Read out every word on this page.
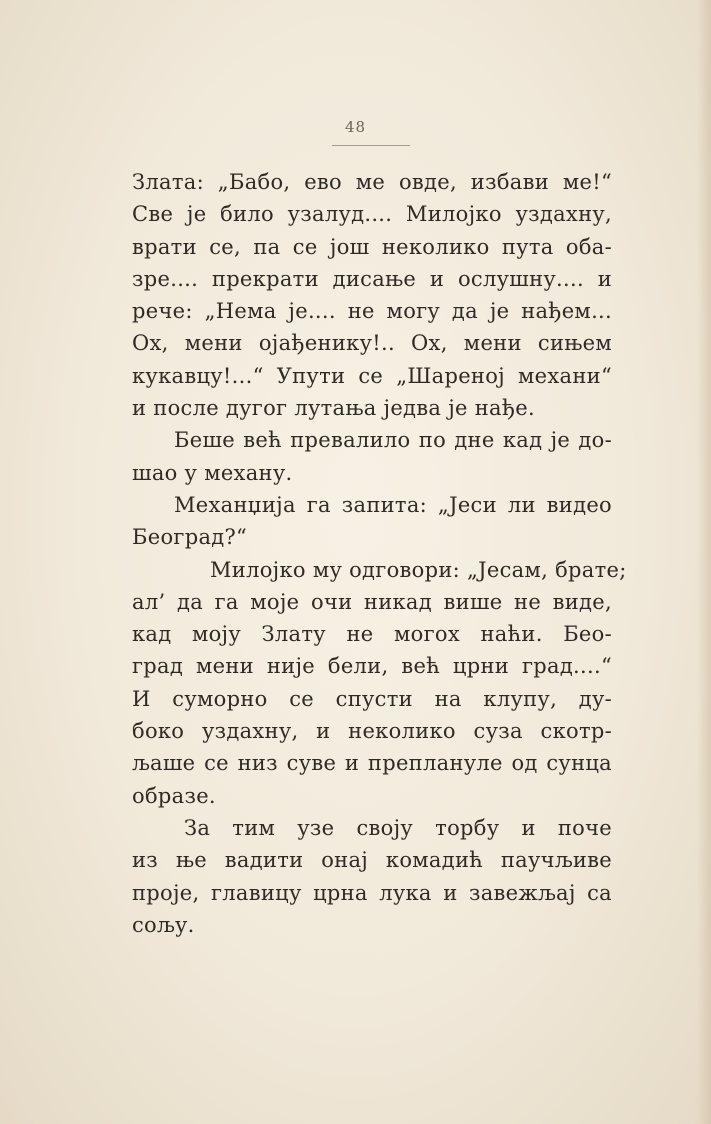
48
Злата: „Бабо, ево ме овде, избави ме!“
Све је било узалуд.... Милојко уздахну,
врати се, па се још неколико пута оба-
зре.... прекрати дисање и ослушну.... и
рече: „Нема је.... не могу да је нађем...
Ох, мени ојађенику!.. Ох, мени сињем
кукавцу!...“ Упути се „Шареној механи“
и после дугог лутања једва је нађе.
Беше већ превалило по дне кад је до-
шао у механу.
Механџија га запита: „Јеси ли видео
Београд?“
Милојко му одговори: „Јесам, брате;
ал’ да га моје очи никад више не виде,
кад моју Злату не могох наћи. Бео-
град мени није бели, већ црни град....“
И суморно се спусти на клупу, ду-
боко уздахну, и неколико суза скотр-
љаше се низ суве и преплануле од сунца
образе.
За тим узе своју торбу и поче
из ње вадити онај комадић паучљиве
проје, главицу црна лука и завежљај са
сољу.
